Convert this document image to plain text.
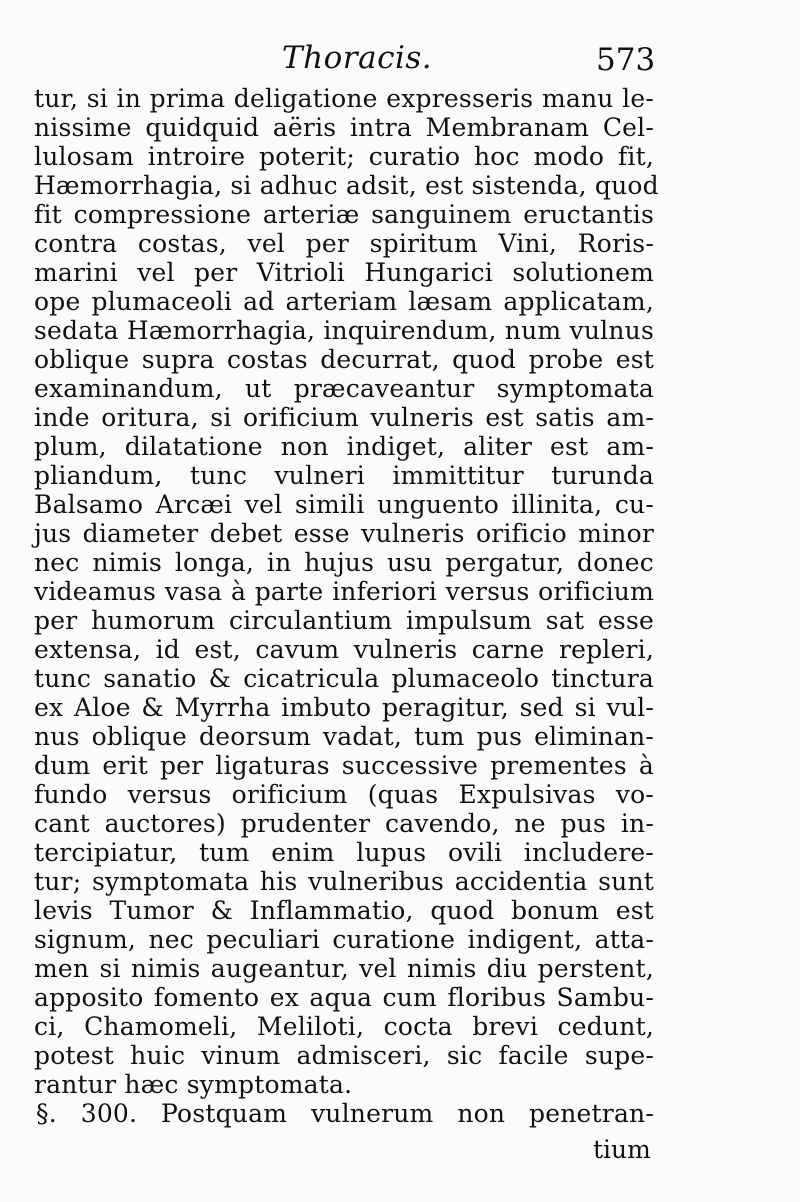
Thoracis.	573
tur, si in prima deligatione expresseris manu le-
nissime quidquid aëris intra Membranam Cel-
lulosam introire poterit; curatio hoc modo fit,
Hæmorrhagia, si adhuc adsit, est sistenda, quod
fit compressione arteriæ sanguinem eructantis
contra costas, vel per spiritum Vini, Roris-
marini vel per Vitrioli Hungarici solutionem
ope plumaceoli ad arteriam læsam applicatam,
sedata Hæmorrhagia, inquirendum, num vulnus
oblique supra costas decurrat, quod probe est
examinandum, ut præcaveantur symptomata
inde oritura, si orificium vulneris est satis am-
plum, dilatatione non indiget, aliter est am-
pliandum, tunc vulneri immittitur turunda
Balsamo Arcæi vel simili unguento illinita, cu-
jus diameter debet esse vulneris orificio minor
nec nimis longa, in hujus usu pergatur, donec
videamus vasa à parte inferiori versus orificium
per humorum circulantium impulsum sat esse
extensa, id est, cavum vulneris carne repleri,
tunc sanatio & cicatricula plumaceolo tinctura
ex Aloe & Myrrha imbuto peragitur, sed si vul-
nus oblique deorsum vadat, tum pus eliminan-
dum erit per ligaturas successive prementes à
fundo versus orificium (quas Expulsivas vo-
cant auctores) prudenter cavendo, ne pus in-
tercipiatur, tum enim lupus ovili includere-
tur; symptomata his vulneribus accidentia sunt
levis Tumor & Inflammatio, quod bonum est
signum, nec peculiari curatione indigent, atta-
men si nimis augeantur, vel nimis diu perstent,
apposito fomento ex aqua cum floribus Sambu-
ci, Chamomeli, Meliloti, cocta brevi cedunt,
potest huic vinum admisceri, sic facile supe-
rantur hæc symptomata.
§. 300. Postquam vulnerum non penetran-
tium
